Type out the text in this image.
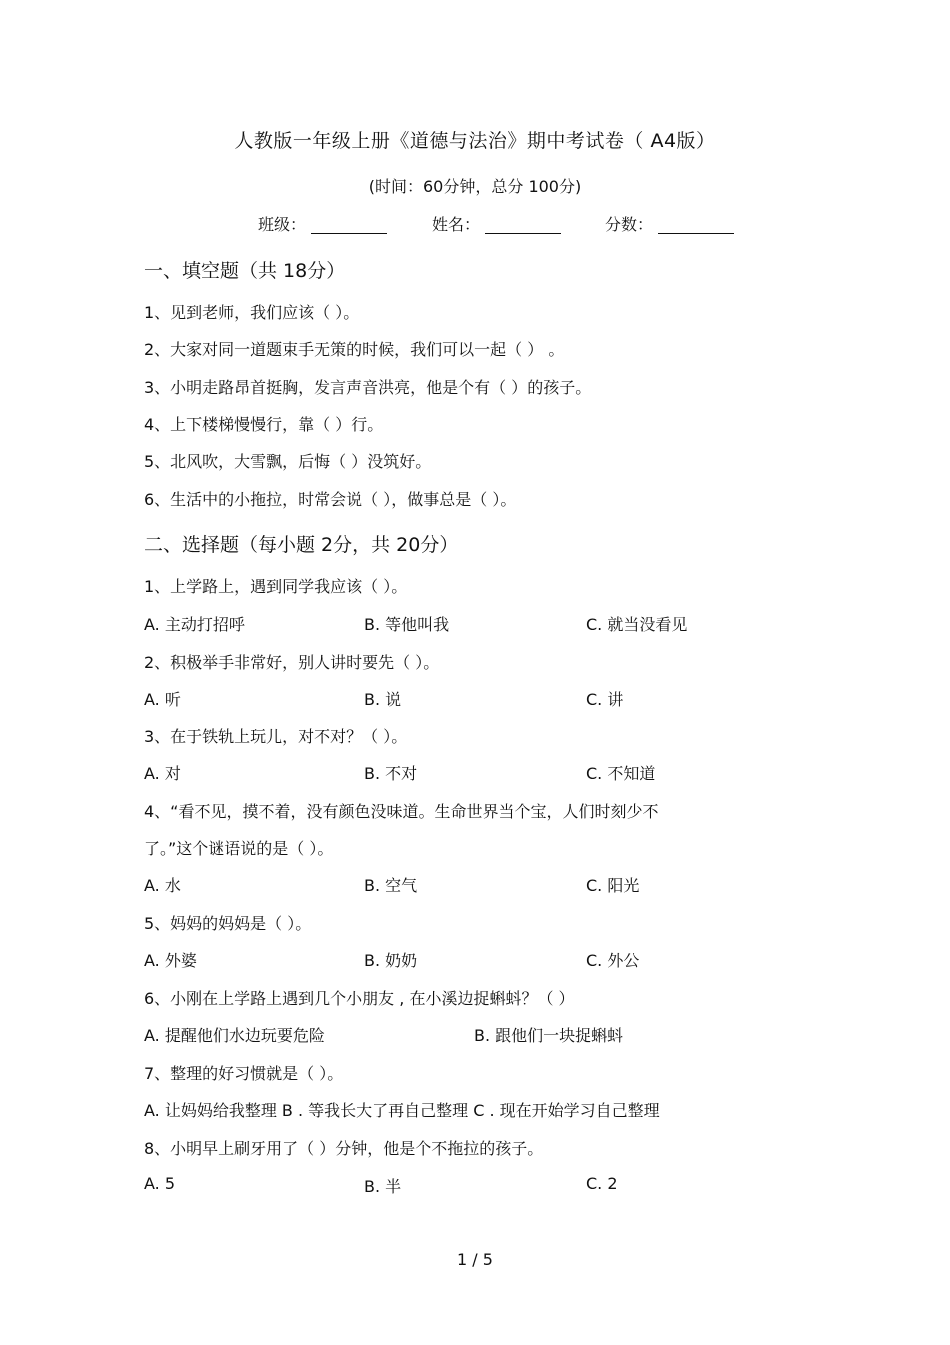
人教版一年级上册《道德与法治》期中考试卷（ A4版）
(时间：60分钟，总分 100分)
班级：	姓名：	分数：
一、填空题（共 18分）
1、见到老师，我们应该（ ）。
2、大家对同一道题束手无策的时候，我们可以一起（ ） 。
3、小明走路昂首挺胸，发言声音洪亮，他是个有（ ）的孩子。
4、上下楼梯慢慢行，靠（ ）行。
5、北风吹，大雪飘，后悔（ ）没筑好。
6、生活中的小拖拉，时常会说（ ），做事总是（ ）。
二、选择题（每小题 2分，共 20分）
1、上学路上，遇到同学我应该（ ）。
A. 主动打招呼	B. 等他叫我	C. 就当没看见
2、积极举手非常好，别人讲时要先（ ）。
A. 听	B. 说	C. 讲
3、在于铁轨上玩儿，对不对？（ ）。
A. 对	B. 不对	C. 不知道
4、“看不见，摸不着，没有颜色没味道。生命世界当个宝，人们时刻少不
了。”这个谜语说的是（ ）。
A. 水	B. 空气	C. 阳光
5、妈妈的妈妈是（ ）。
A. 外婆	B. 奶奶	C. 外公
6、小刚在上学路上遇到几个小朋友 , 在小溪边捉蝌蚪？（ ）
A. 提醒他们水边玩要危险	B. 跟他们一块捉蝌蚪
7、整理的好习惯就是（ ）。
A. 让妈妈给我整理 B . 等我长大了再自己整理 C . 现在开始学习自己整理
8、小明早上刷牙用了（ ）分钟，他是个不拖拉的孩子。
A. 5	B. 半	C. 2
1 / 5
